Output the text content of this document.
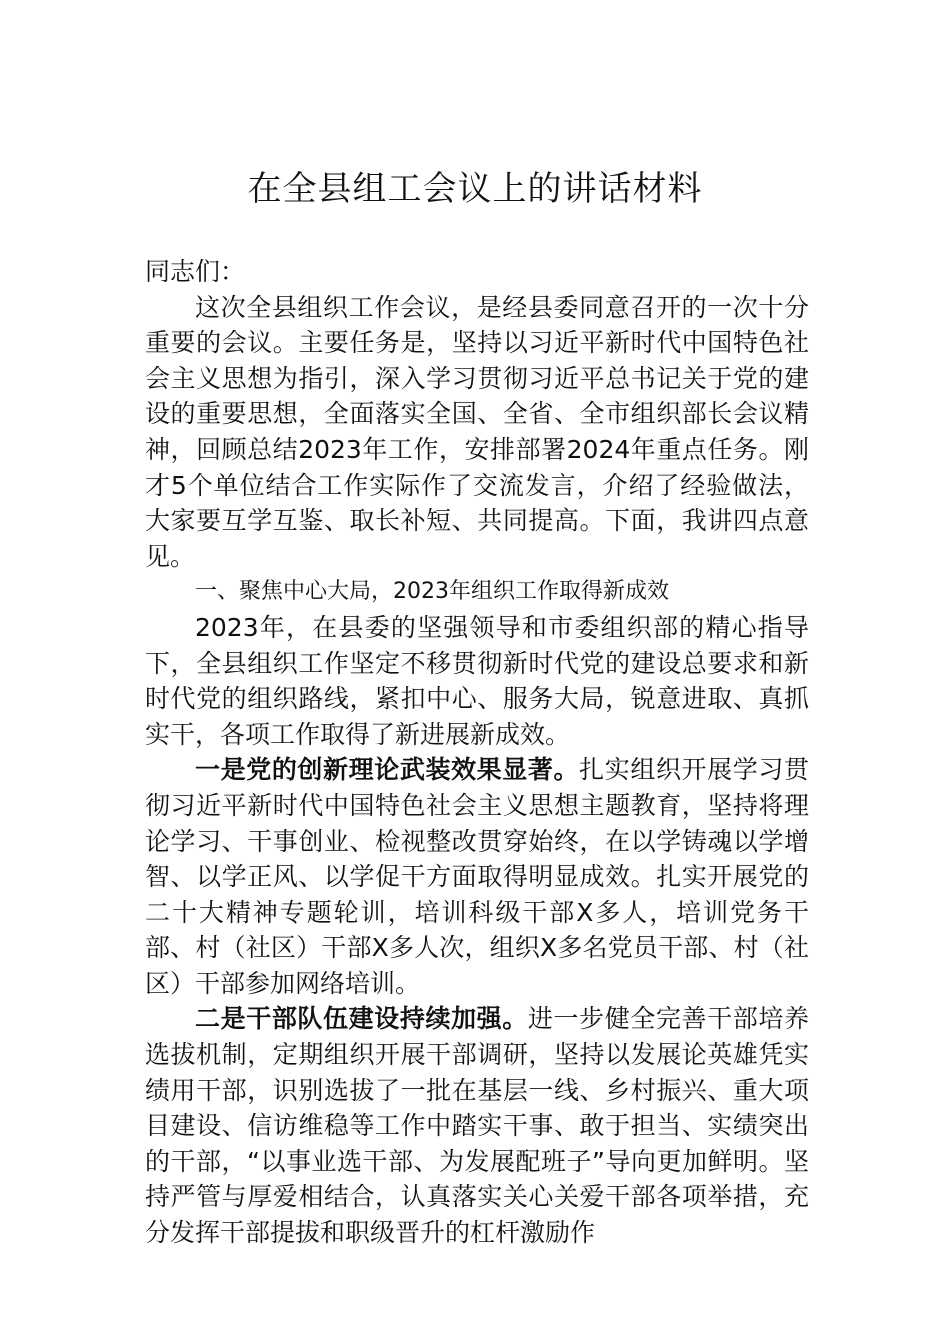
在全县组工会议上的讲话材料

同志们：

这次全县组织工作会议，是经县委同意召开的一次十分重要的会议。主要任务是，坚持以习近平新时代中国特色社会主义思想为指引，深入学习贯彻习近平总书记关于党的建设的重要思想，全面落实全国、全省、全市组织部长会议精神，回顾总结2023年工作，安排部署2024年重点任务。刚才5个单位结合工作实际作了交流发言，介绍了经验做法，大家要互学互鉴、取长补短、共同提高。下面，我讲四点意见。

一、聚焦中心大局，2023年组织工作取得新成效

2023年，在县委的坚强领导和市委组织部的精心指导下，全县组织工作坚定不移贯彻新时代党的建设总要求和新时代党的组织路线，紧扣中心、服务大局，锐意进取、真抓实干，各项工作取得了新进展新成效。

一是党的创新理论武装效果显著。扎实组织开展学习贯彻习近平新时代中国特色社会主义思想主题教育，坚持将理论学习、干事创业、检视整改贯穿始终，在以学铸魂以学增智、以学正风、以学促干方面取得明显成效。扎实开展党的二十大精神专题轮训，培训科级干部X多人，培训党务干部、村（社区）干部X多人次，组织X多名党员干部、村（社区）干部参加网络培训。

二是干部队伍建设持续加强。进一步健全完善干部培养选拔机制，定期组织开展干部调研，坚持以发展论英雄凭实绩用干部，识别选拔了一批在基层一线、乡村振兴、重大项目建设、信访维稳等工作中踏实干事、敢于担当、实绩突出的干部，“以事业选干部、为发展配班子”导向更加鲜明。坚持严管与厚爱相结合，认真落实关心关爱干部各项举措，充分发挥干部提拔和职级晋升的杠杆激励作
